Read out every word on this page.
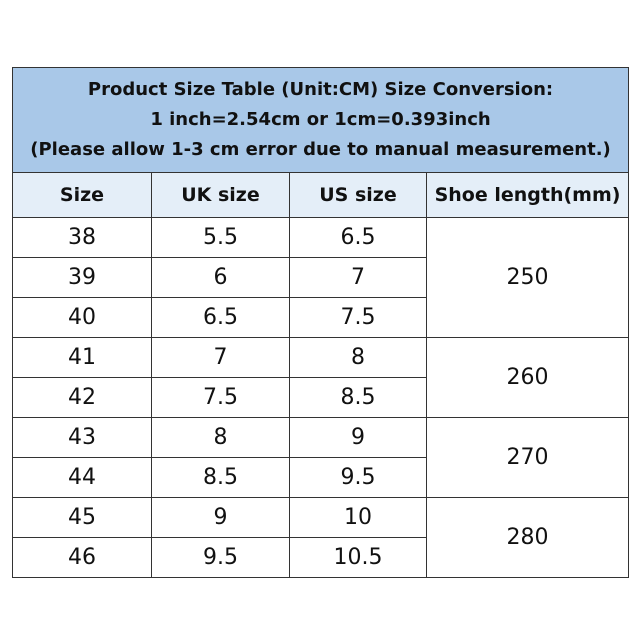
Product Size Table (Unit:CM) Size Conversion:
1 inch=2.54cm or 1cm=0.393inch
(Please allow 1-3 cm error due to manual measurement.)			

Size	UK size	US size	Shoe length(mm)
38	5.5	6.5	250
39	6	7	
40	6.5	7.5	
41	7	8	260
42	7.5	8.5	
43	8	9	270
44	8.5	9.5	
45	9	10	280
46	9.5	10.5	
